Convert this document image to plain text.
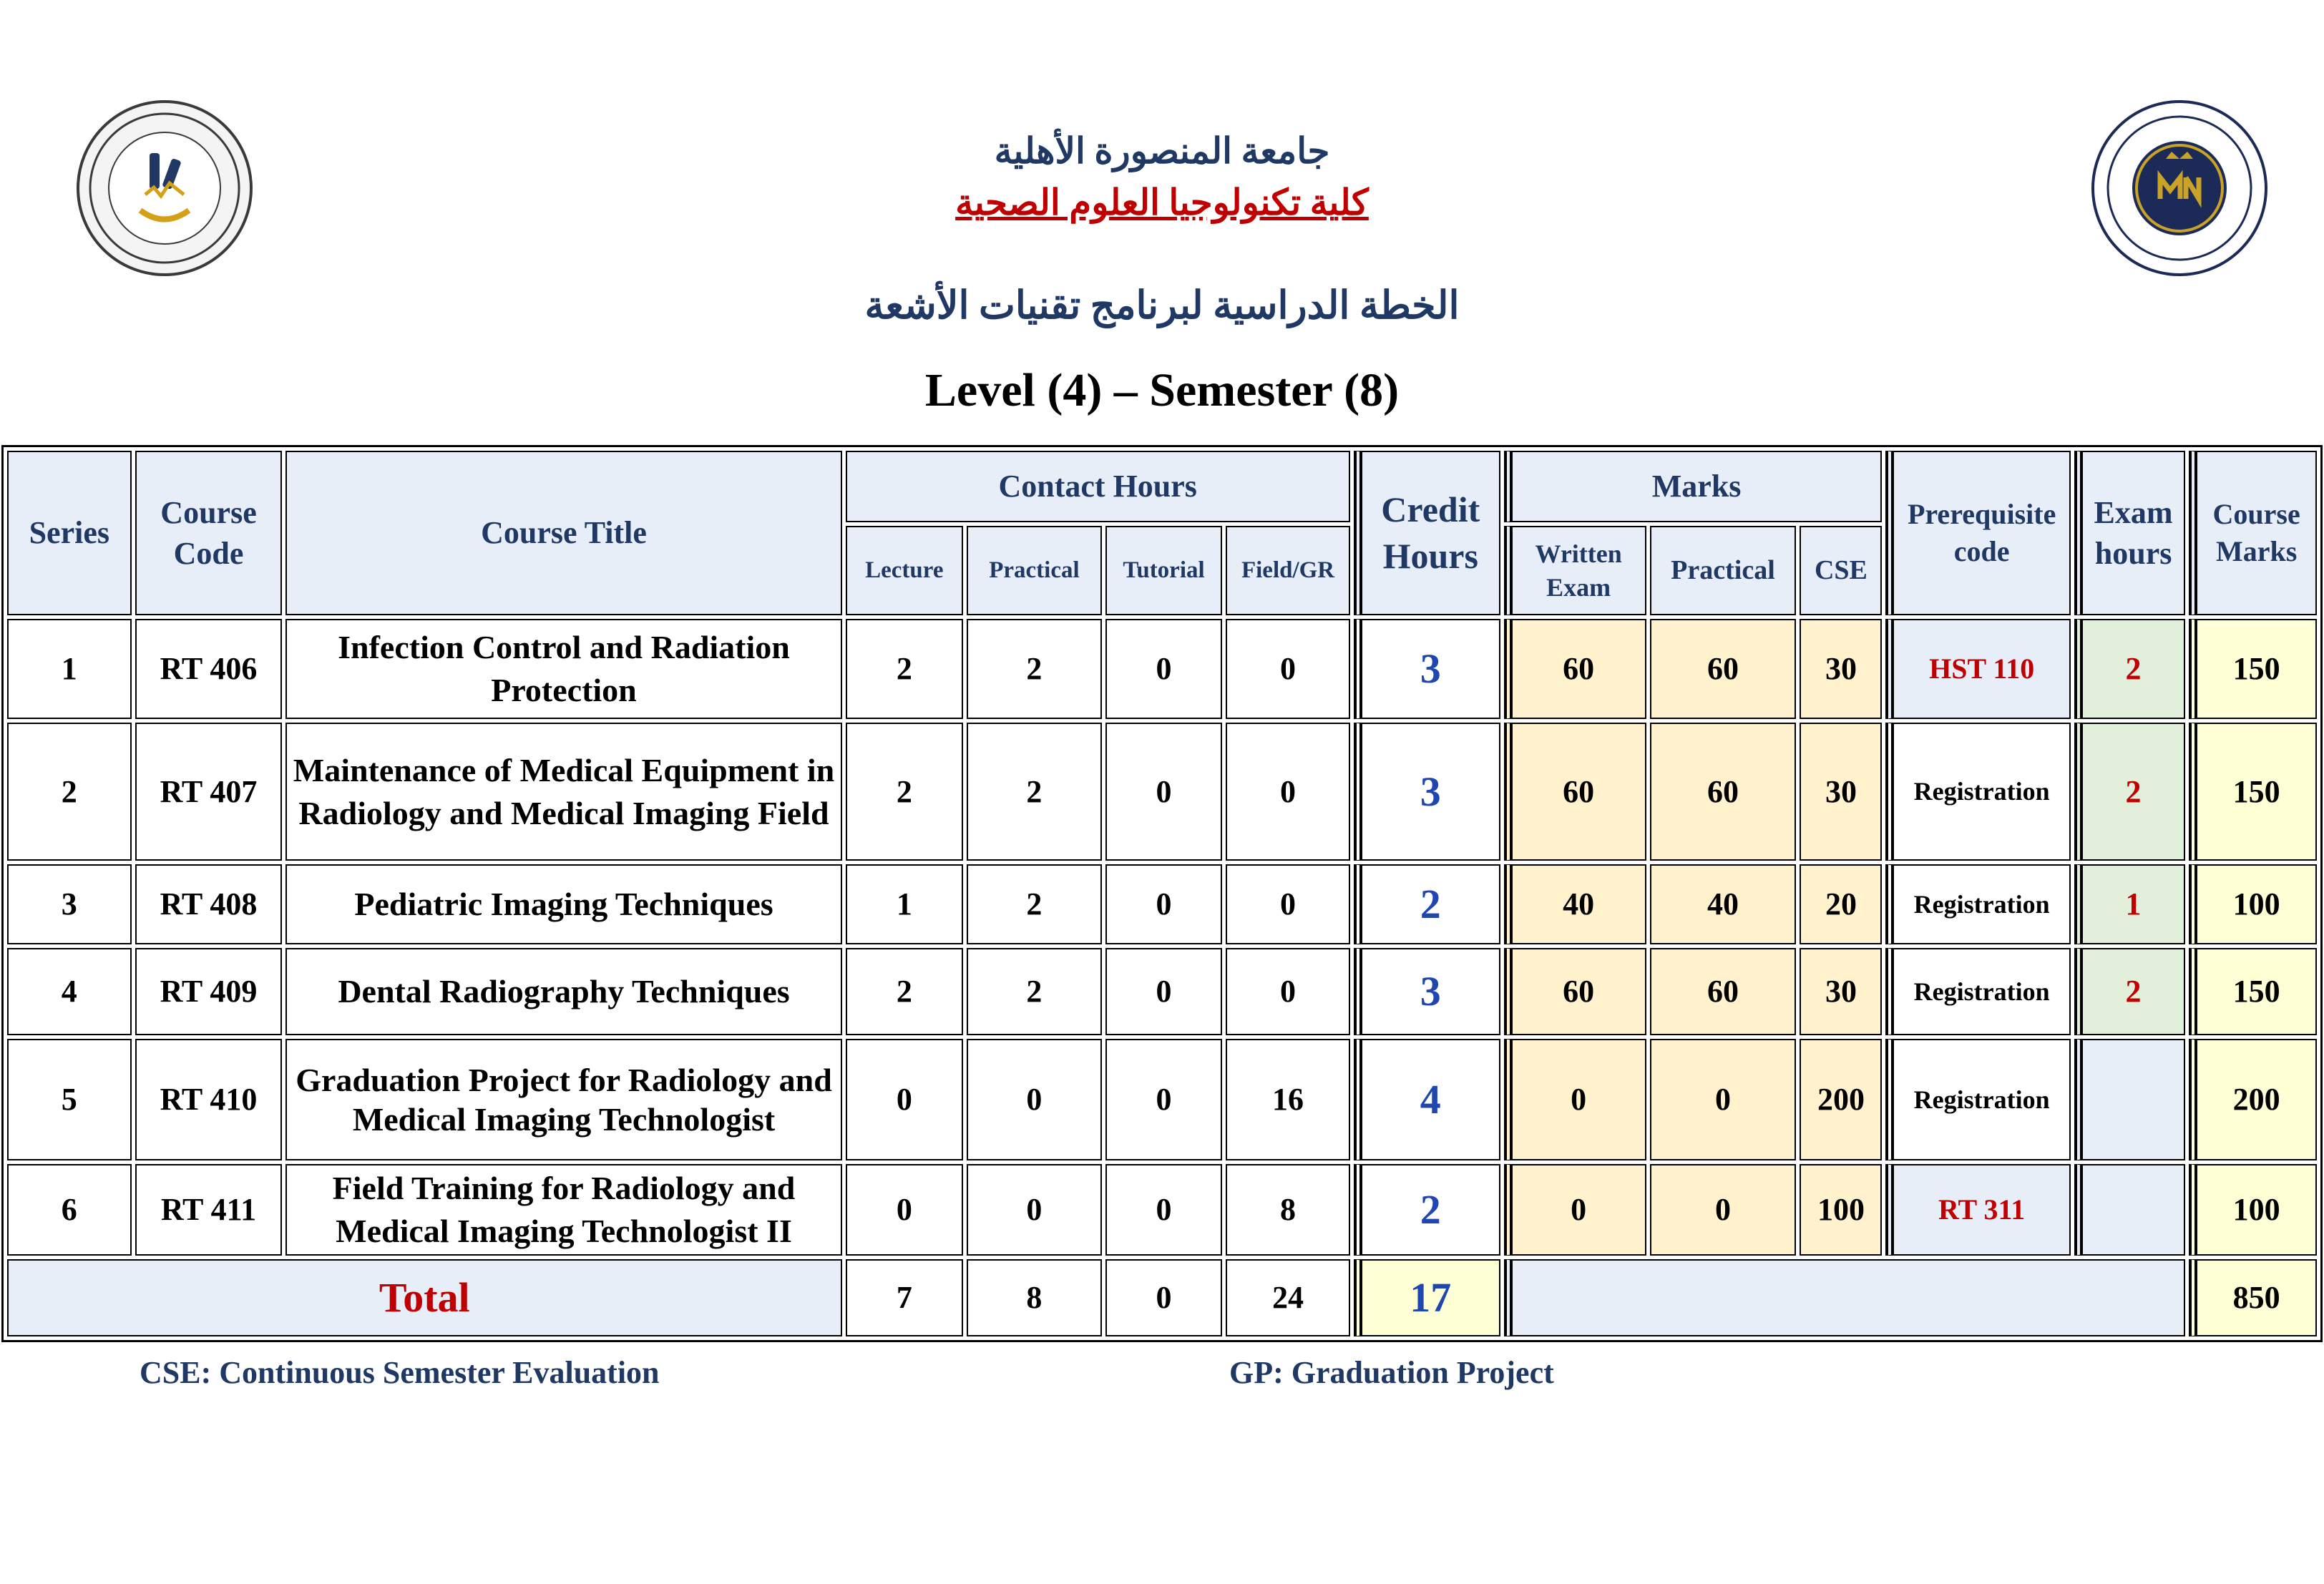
جامعة المنصورة الأهلية
كلية تكنولوجيا العلوم الصحية
الخطة الدراسية لبرنامج تقنيات الأشعة
Level (4) – Semester (8)
Series	Course Code	Course Title	Contact Hours				Credit Hours	Marks			Prerequisite code	Exam hours	Course Marks
			Lecture	Practical	Tutorial	Field/GR		Written Exam	Practical	CSE			
1	RT 406	Infection Control and Radiation Protection	2	2	0	0	3	60	60	30	HST 110	2	150
2	RT 407	Maintenance of Medical Equipment in Radiology and Medical Imaging Field	2	2	0	0	3	60	60	30	Registration	2	150
3	RT 408	Pediatric Imaging Techniques	1	2	0	0	2	40	40	20	Registration	1	100
4	RT 409	Dental Radiography Techniques	2	2	0	0	3	60	60	30	Registration	2	150
5	RT 410	Graduation Project for Radiology and Medical Imaging Technologist	0	0	0	16	4	0	0	200	Registration		200
6	RT 411	Field Training for Radiology and Medical Imaging Technologist II	0	0	0	8	2	0	0	100	RT 311		100
Total			7	8	0	24	17						850
CSE: Continuous Semester Evaluation	GP: Graduation Project
